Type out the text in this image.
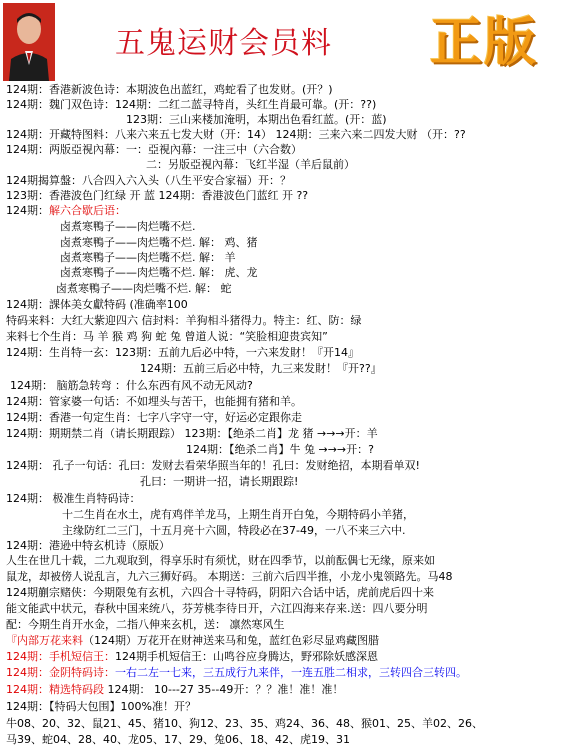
五鬼运财会员料 正版
124期：香港新波色诗：本期波色出蓝红，鸡蛇看了也发财。(开？)
124期：魏门双色诗：124期：二红二蓝寻特肖，头红生肖最可靠。(开：??)
123期：三山来楼加淹明，本期出色看红蓝。(开：蓝)
124期：开藏特图料：八来六来五七发大财（开：14） 124期：三来六来二四发大财 （开：??
124期：两版亞視內幕：一：亞視內幕：一注三中（六合数）
二：另版亞視內幕：飞红半湿（羊后鼠前）
124期揭算盤：八合四入六入头（八生平安合家福）开：？
123期：香港波色门红绿 开 蓝 124期：香港波色门蓝红 开 ??
124期：解六合歇后语：
卤煮寒鴨子——肉烂嘴不烂.
卤煮寒鴨子——肉烂嘴不烂. 解： 鸡、猪
卤煮寒鴨子——肉烂嘴不烂. 解： 羊
卤煮寒鴨子——肉烂嘴不烂. 解： 虎、龙
卤煮寒鴨子——肉烂嘴不烂. 解： 蛇
124期：課体美女獻特码 (准确率100
特码来料：大红大紫迎四六 信封料：羊狗相斗猪得力。特主：红、防：绿
来料七个生肖：马 羊 猴 鸡 狗 蛇 兔 曾道人说：“笑脸相迎贵宾知”
124期：生肖特一玄：123期：五前九后必中特，一六来发財！『开14』
124期：五前三后必中特，九三来发財！『开??』
124期： 脑筋急转弯 ：什么东西有风不动无风动?
124期：管家婆一句话：不如埋头与苦干，也能拥有猪和羊。
124期：香港一句定生肖：七字八字守一守，好运必定跟你走
124期：期期禁二肖（请长期跟踪） 123期：【绝杀二肖】龙 猪 →→→开：羊
124期：【绝杀二肖】牛 兔 →→→开：?
124期： 孔子一句话：孔曰：发财去看荣华照当年的！孔曰：发财绝招，本期看单双!
孔曰：一期讲一招，请长期跟踪!
124期： 极准生肖特码诗：
十二生肖在水土，虎有鸡伴羊龙马，上期生肖开白兔，今期特码小羊猪，
主缘防红二三门，十五月亮十六圆，特段必在37-49，一八不来三六中.
124期：港逊中特玄机诗（原版）
人生在世几十载，二九观取到，得享乐时有须忧，财在四季节，以前酝偶七无缘，原来如
鼠龙，却被傍人说乱言，九六三狮好码。 本期送：三前六后四半推，小龙小鬼领路先。马48
124期蒯宗赌侠：今期限兔有玄机，六四合十寻特码，阴阳六合话中话，虎前虎后四十来
能文能武中状元，春秋中国来统八，芬芳桃李待日开，六江四海来存来.送：四八要分明
配：今期生肖开水金，二指八伸来玄机，送： 凛然寒风生
『内部万花来料（124期）万花开在财神送来马和兔，蓝红色彩尽显鸡藏图腊
124期：手机短信王：124期手机短信王：山鸣谷应身腾达，野邪除妖感深恩
124期：金阴特码诗：一右二左一七来，三五成行九来伴，一连五胜二相求，三转四合三转四。
124期：精选特码段 124期： 10---27 35--49开：？？准！准！准！
124期：【特码大包围】100%准！开？
牛08、20、32、鼠21、45、猪10、狗12、23、35、鸡24、36、48、猴01、25、羊02、26、
马39、蛇04、28、40、龙05、17、29、兔06、18、42、虎19、31
